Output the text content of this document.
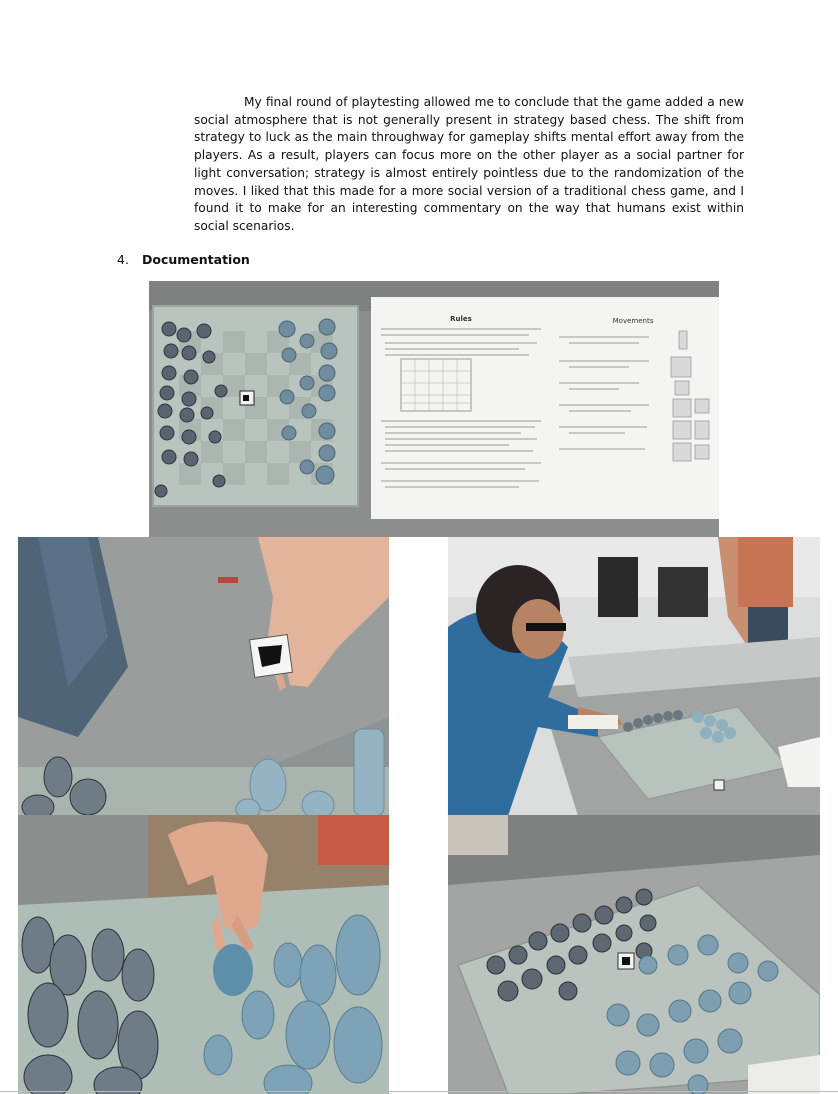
My final round of playtesting allowed me to conclude that the game added a new social atmosphere that is not generally present in strategy based chess. The shift from strategy to luck as the main throughway for gameplay shifts mental effort away from the players. As a result, players can focus more on the other player as a social partner for light conversation; strategy is almost entirely pointless due to the randomization of the moves. I liked that this made for a more social version of a traditional chess game, and I found it to make for an interesting commentary on the way that humans exist within social scenarios.

4. Documentation
Rules	Movements
